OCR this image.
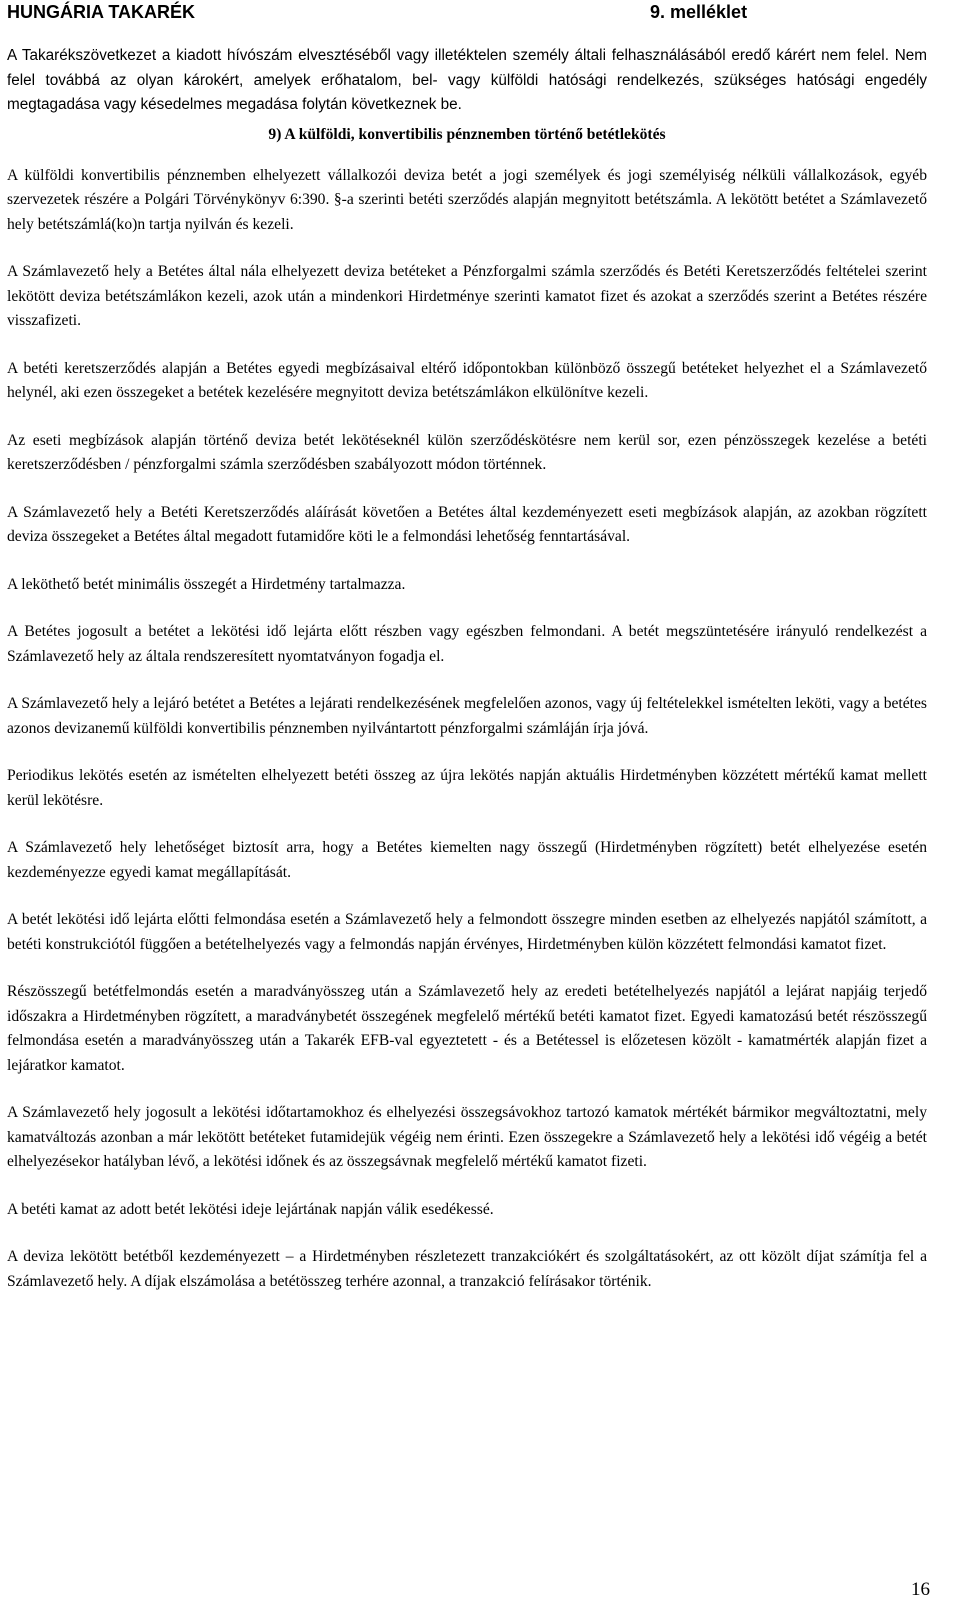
HUNGÁRIA TAKARÉK	9. melléklet

A Takarékszövetkezet a kiadott hívószám elvesztéséből vagy illetéktelen személy általi felhasználásából eredő kárért nem felel. Nem felel továbbá az olyan károkért, amelyek erőhatalom, bel- vagy külföldi hatósági rendelkezés, szükséges hatósági engedély megtagadása vagy késedelmes megadása folytán következnek be.

9) A külföldi, konvertibilis pénznemben történő betétlekötés

A külföldi konvertibilis pénznemben elhelyezett vállalkozói deviza betét a jogi személyek és jogi személyiség nélküli vállalkozások, egyéb szervezetek részére a Polgári Törvénykönyv 6:390. §-a szerinti betéti szerződés alapján megnyitott betétszámla. A lekötött betétet a Számlavezető hely betétszámlá(ko)n tartja nyilván és kezeli.

A Számlavezető hely a Betétes által nála elhelyezett deviza betéteket a Pénzforgalmi számla szerződés és Betéti Keretszerződés feltételei szerint lekötött deviza betétszámlákon kezeli, azok után a mindenkori Hirdetménye szerinti kamatot fizet és azokat a szerződés szerint a Betétes részére visszafizeti.

A betéti keretszerződés alapján a Betétes egyedi megbízásaival eltérő időpontokban különböző összegű betéteket helyezhet el a Számlavezető helynél, aki ezen összegeket a betétek kezelésére megnyitott deviza betétszámlákon elkülönítve kezeli.

Az eseti megbízások alapján történő deviza betét lekötéseknél külön szerződéskötésre nem kerül sor, ezen pénzösszegek kezelése a betéti keretszerződésben / pénzforgalmi számla szerződésben szabályozott módon történnek.

A Számlavezető hely a Betéti Keretszerződés aláírását követően a Betétes által kezdeményezett eseti megbízások alapján, az azokban rögzített deviza összegeket a Betétes által megadott futamidőre köti le a felmondási lehetőség fenntartásával.

A leköthető betét minimális összegét a Hirdetmény tartalmazza.

A Betétes jogosult a betétet a lekötési idő lejárta előtt részben vagy egészben felmondani. A betét megszüntetésére irányuló rendelkezést a Számlavezető hely az általa rendszeresített nyomtatványon fogadja el.

A Számlavezető hely a lejáró betétet a Betétes a lejárati rendelkezésének megfelelően azonos, vagy új feltételekkel ismételten leköti, vagy a betétes azonos devizanemű külföldi konvertibilis pénznemben nyilvántartott pénzforgalmi számláján írja jóvá.

Periodikus lekötés esetén az ismételten elhelyezett betéti összeg az újra lekötés napján aktuális Hirdetményben közzétett mértékű kamat mellett kerül lekötésre.

A Számlavezető hely lehetőséget biztosít arra, hogy a Betétes kiemelten nagy összegű (Hirdetményben rögzített) betét elhelyezése esetén kezdeményezze egyedi kamat megállapítását.

A betét lekötési idő lejárta előtti felmondása esetén a Számlavezető hely a felmondott összegre minden esetben az elhelyezés napjától számított, a betéti konstrukciótól függően a betételhelyezés vagy a felmondás napján érvényes, Hirdetményben külön közzétett felmondási kamatot fizet.

Részösszegű betétfelmondás esetén a maradványösszeg után a Számlavezető hely az eredeti betételhelyezés napjától a lejárat napjáig terjedő időszakra a Hirdetményben rögzített, a maradványbetét összegének megfelelő mértékű betéti kamatot fizet. Egyedi kamatozású betét részösszegű felmondása esetén a maradványösszeg után a Takarék EFB-val egyeztetett - és a Betétessel is előzetesen közölt - kamatmérték alapján fizet a lejáratkor kamatot.

A Számlavezető hely jogosult a lekötési időtartamokhoz és elhelyezési összegsávokhoz tartozó kamatok mértékét bármikor megváltoztatni, mely kamatváltozás azonban a már lekötött betéteket futamidejük végéig nem érinti. Ezen összegekre a Számlavezető hely a lekötési idő végéig a betét elhelyezésekor hatályban lévő, a lekötési időnek és az összegsávnak megfelelő mértékű kamatot fizeti.

A betéti kamat az adott betét lekötési ideje lejártának napján válik esedékessé.

A deviza lekötött betétből kezdeményezett – a Hirdetményben részletezett tranzakciókért és szolgáltatásokért, az ott közölt díjat számítja fel a Számlavezető hely. A díjak elszámolása a betétösszeg terhére azonnal, a tranzakció felírásakor történik.

16
